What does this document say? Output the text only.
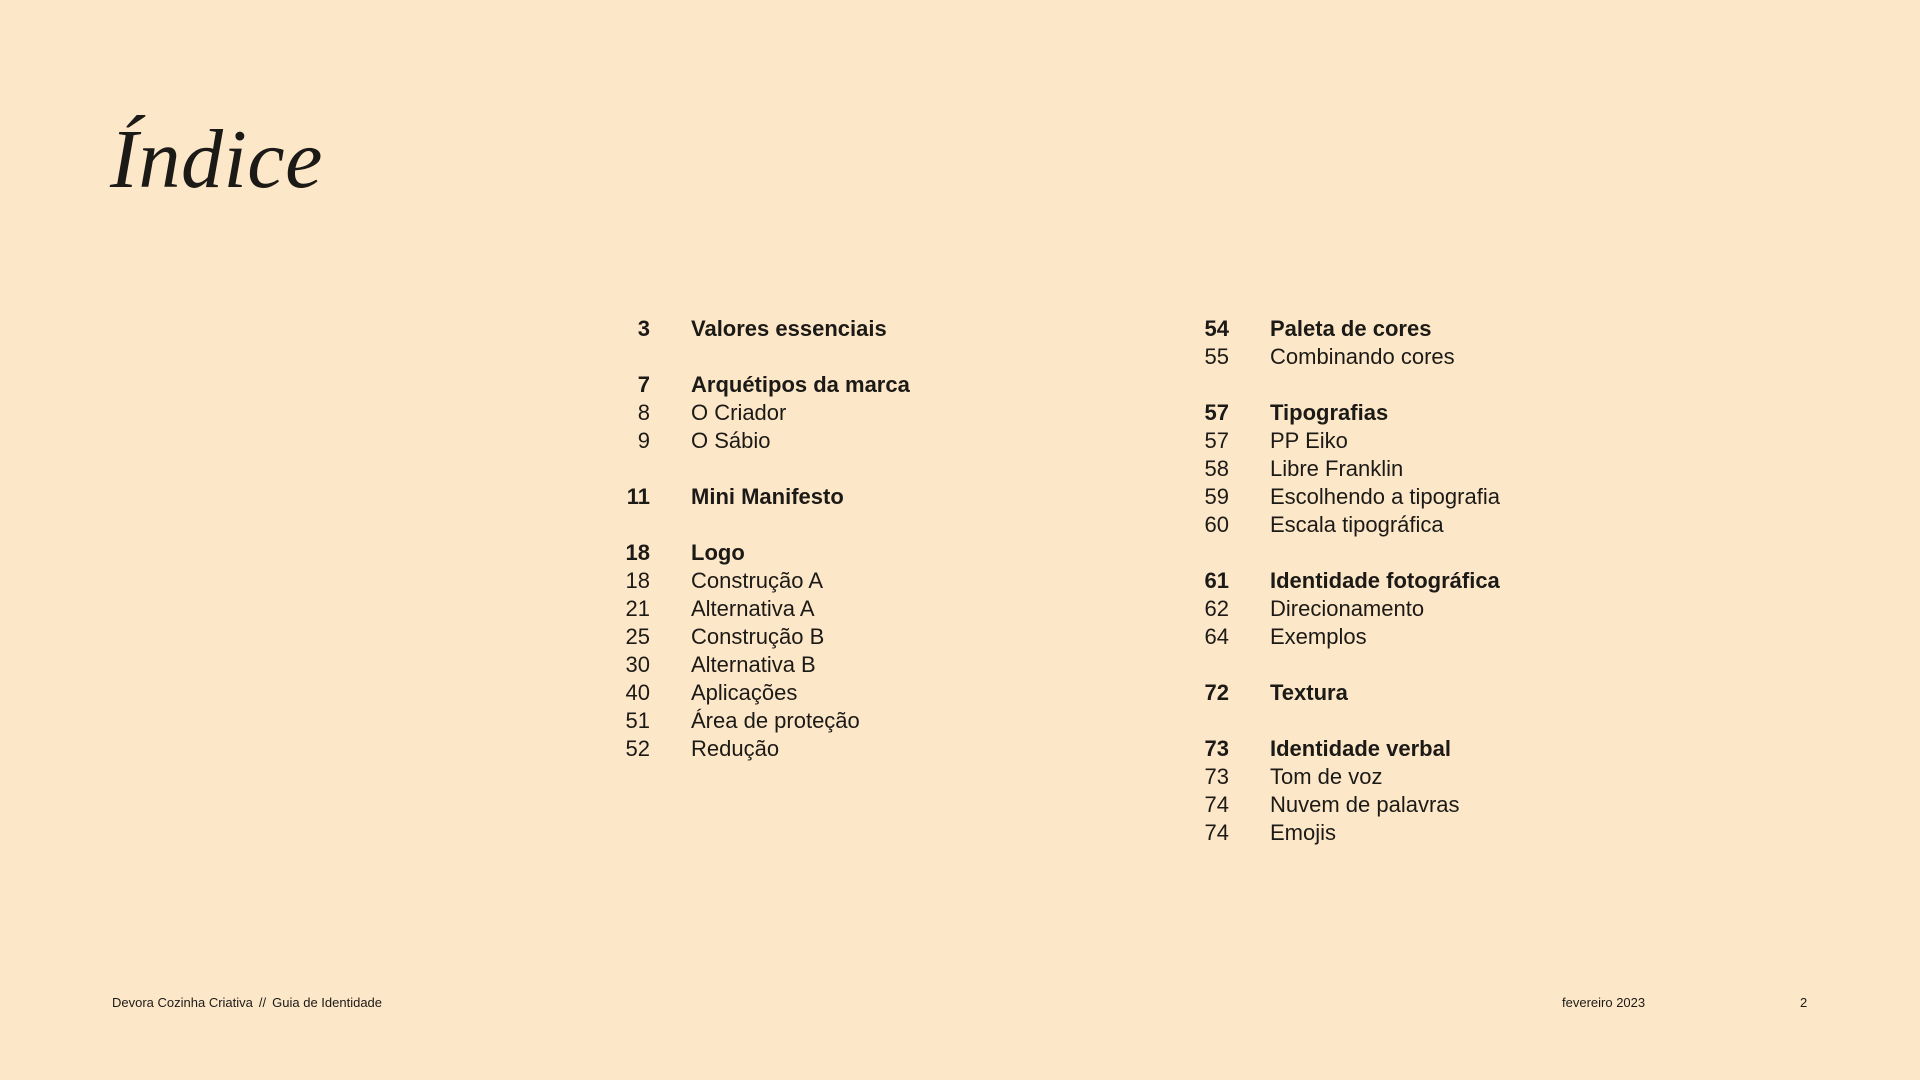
Índice
3 Valores essenciais
7 Arquétipos da marca
8 O Criador
9 O Sábio
11 Mini Manifesto
18 Logo
18 Construção A
21 Alternativa A
25 Construção B
30 Alternativa B
40 Aplicações
51 Área de proteção
52 Redução
54 Paleta de cores
55 Combinando cores
57 Tipografias
57 PP Eiko
58 Libre Franklin
59 Escolhendo a tipografia
60 Escala tipográfica
61 Identidade fotográfica
62 Direcionamento
64 Exemplos
72 Textura
73 Identidade verbal
73 Tom de voz
74 Nuvem de palavras
74 Emojis
Devora Cozinha Criativa // Guia de Identidade	fevereiro 2023	2
